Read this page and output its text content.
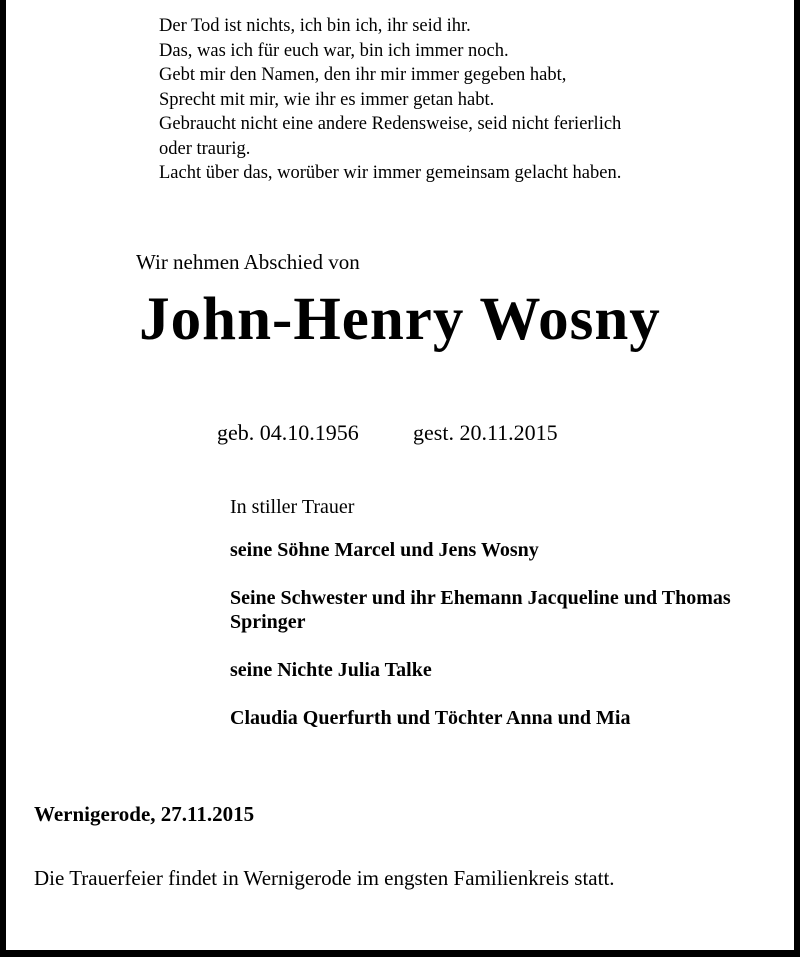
Der Tod ist nichts, ich bin ich, ihr seid ihr.
Das, was ich für euch war, bin ich immer noch.
Gebt mir den Namen, den ihr mir immer gegeben habt,
Sprecht mit mir, wie ihr es immer getan habt.
Gebraucht nicht eine andere Redensweise, seid nicht ferierlich
oder traurig.
Lacht über das, worüber wir immer gemeinsam gelacht haben.
Wir nehmen Abschied von
John-Henry Wosny
geb. 04.10.1956 gest. 20.11.2015
In stiller Trauer
seine Söhne Marcel und Jens Wosny
Seine Schwester und ihr Ehemann Jacqueline und Thomas Springer
seine Nichte Julia Talke
Claudia Querfurth und Töchter Anna und Mia
Wernigerode, 27.11.2015
Die Trauerfeier findet in Wernigerode im engsten Familienkreis statt.
